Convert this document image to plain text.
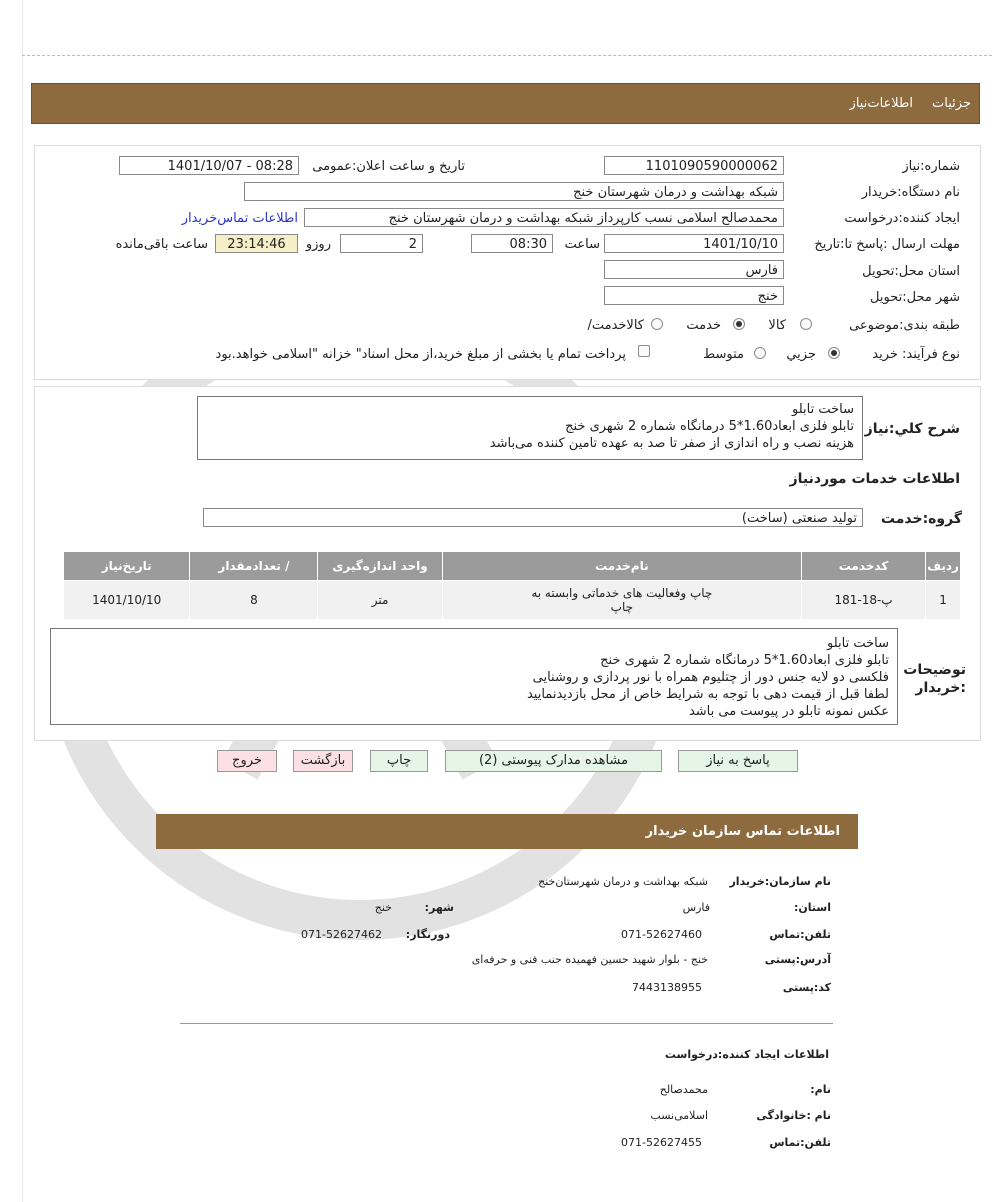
جزئیات
اطلاعات‌نیاز
شماره:نیاز
1101090590000062
تاریخ و ساعت اعلان:عمومی
1401/10/07 - 08:28
نام دستگاه:خریدار
شبکه بهداشت و درمان شهرستان خنج
ایجاد کننده:درخواست
محمدصالح اسلامی نسب کارپرداز شبکه بهداشت و درمان شهرستان خنج
اطلاعات تماس‌خریدار
مهلت ارسال :پاسخ تا:تاریخ
1401/10/10
ساعت
08:30
2
روزو
23:14:46
ساعت باقی‌مانده
استان محل:تحویل
فارس
شهر محل:تحویل
خنج
طبقه بندی:موضوعی
کالا
خدمت
/کالاخدمت
نوع فرآیند: خرید
جزیي
متوسط
پرداخت تمام یا بخشی از مبلغ خرید،از محل اسناد" خزانه "اسلامی خواهد.بود
شرح کلي:نياز
ساخت تابلو
تابلو فلزی ابعاد1.60*5 درمانگاه شماره 2 شهری خنج
هزینه نصب و راه اندازی از صفر تا صد به عهده تامین کننده می‌باشد
اطلاعات خدمات موردنياز
گروه:خدمت
تولید صنعتی (ساخت)
ردیف	کدخدمت	نام‌خدمت	واحد اندازه‌گیری	/ تعدادمقدار	تاریخ‌نیاز
1	پ-18-181	چاپ وفعالیت های خدماتی وابسته به چاپ	متر	8	1401/10/10
توضیحات :خریدار
ساخت تابلو
تابلو فلزی ابعاد1.60*5 درمانگاه شماره 2 شهری خنج
فلکسی دو لایه جنس دور از چتلیوم همراه با نور پردازی و روشنایی
لطفا قبل از قیمت دهی با توجه به شرایط خاص از محل بازدیدنمایید
عکس نمونه تابلو در پیوست می باشد
پاسخ به نیاز
مشاهده مدارک پیوستی (2)
چاپ
بازگشت
خروج
اطلاعات تماس سازمان خریدار
نام سازمان:خریدار
شبکه بهداشت و درمان شهرستان‌خنج
:استان
فارس
:شهر
خنج
تلفن:تماس
071-52627460
:دورنگار
071-52627462
آدرس:پستی
خنج - بلوار شهید حسین فهمیده جنب فنی و حرفه‌ای
کد:پستی
7443138955
اطلاعات ایجاد کننده:درخواست
:نام
محمدصالح
نام :خانوادگی
اسلامی‌نسب
تلفن:تماس
071-52627455
